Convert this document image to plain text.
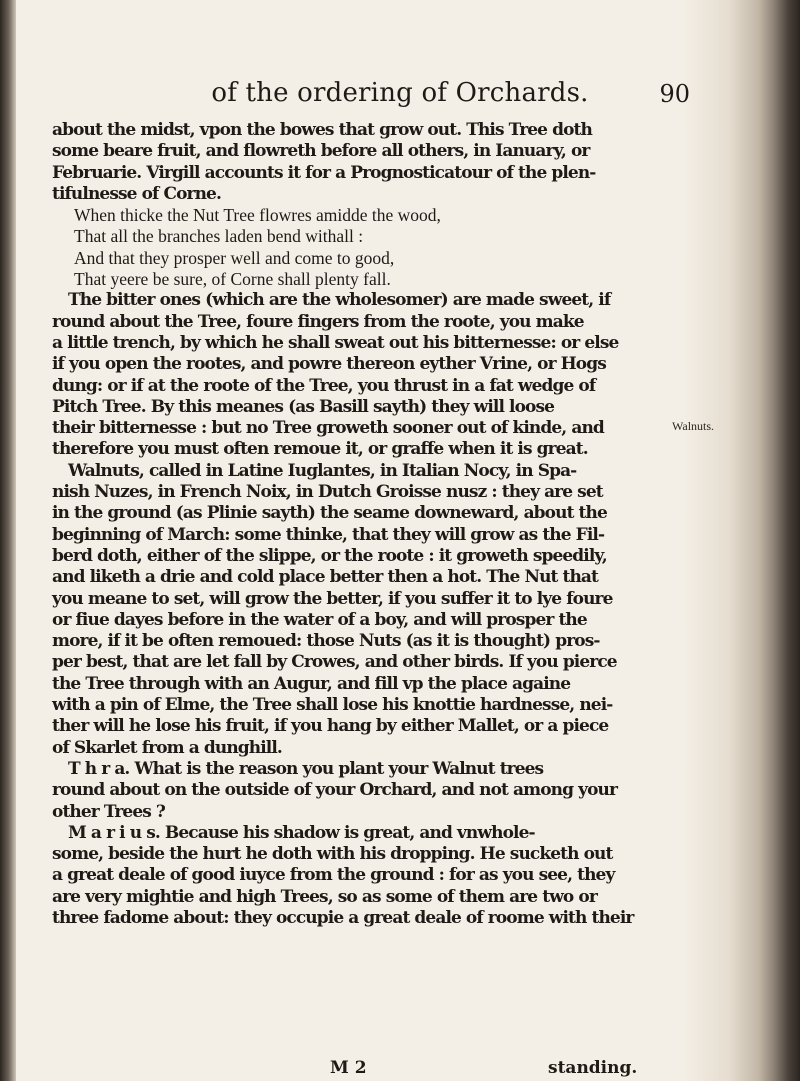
of the ordering of Orchards.	90
about the midst, vpon the bowes that grow out. This Tree doth
some beare fruit, and flowreth before all others, in Ianuary, or
Februarie. Virgill accounts it for a Prognosticatour of the plen-
tifulnesse of Corne.
When thicke the Nut Tree flowres amidde the wood,
That all the branches laden bend withall :
And that they prosper well and come to good,
That yeere be sure, of Corne shall plenty fall.
The bitter ones (which are the wholesomer) are made sweet, if
round about the Tree, foure fingers from the roote, you make
a little trench, by which he shall sweat out his bitternesse: or else
if you open the rootes, and powre thereon eyther Vrine, or Hogs
dung: or if at the roote of the Tree, you thrust in a fat wedge of
Pitch Tree. By this meanes (as Basill sayth) they will loose
their bitternesse : but no Tree groweth sooner out of kinde, and
therefore you must often remoue it, or graffe when it is great.
Walnuts, called in Latine Iuglantes, in Italian Nocy, in Spa-
nish Nuzes, in French Noix, in Dutch Groisse nusz : they are set
in the ground (as Plinie sayth) the seame downeward, about the
beginning of March: some thinke, that they will grow as the Fil-
berd doth, either of the slippe, or the roote : it groweth speedily,
and liketh a drie and cold place better then a hot. The Nut that
you meane to set, will grow the better, if you suffer it to lye foure
or fiue dayes before in the water of a boy, and will prosper the
more, if it be often remoued: those Nuts (as it is thought) pros-
per best, that are let fall by Crowes, and other birds. If you pierce
the Tree through with an Augur, and fill vp the place againe
with a pin of Elme, the Tree shall lose his knottie hardnesse, nei-
ther will he lose his fruit, if you hang by either Mallet, or a piece
of Skarlet from a dunghill.
T h r a. What is the reason you plant your Walnut trees
round about on the outside of your Orchard, and not among your
other Trees ?
M a r i u s. Because his shadow is great, and vnwhole-
some, beside the hurt he doth with his dropping. He sucketh out
a great deale of good iuyce from the ground : for as you see, they
are very mightie and high Trees, so as some of them are two or
three fadome about: they occupie a great deale of roome with their
Walnuts.
M 2	standing.
